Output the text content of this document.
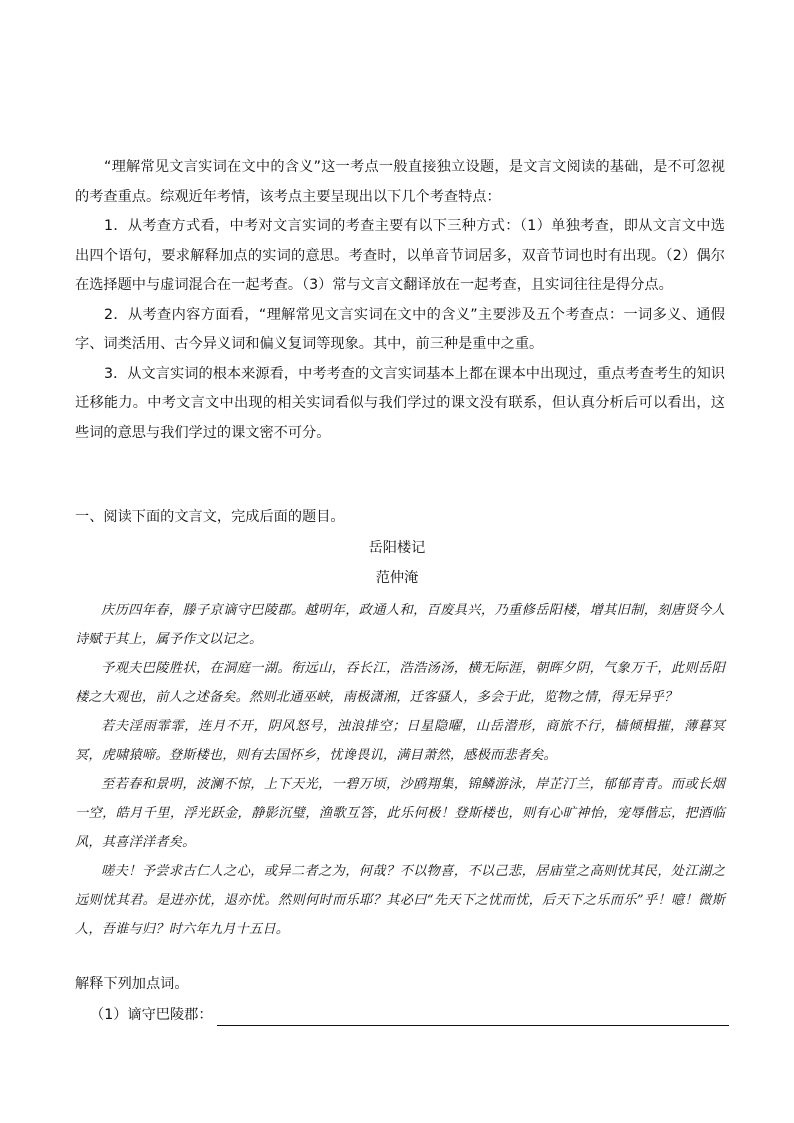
“理解常见文言实词在文中的含义”这一考点一般直接独立设题，是文言文阅读的基础，是不可忽视的考查重点。综观近年考情，该考点主要呈现出以下几个考查特点：

1．从考查方式看，中考对文言实词的考查主要有以下三种方式：（1）单独考查，即从文言文中选出四个语句，要求解释加点的实词的意思。考查时，以单音节词居多，双音节词也时有出现。（2）偶尔在选择题中与虚词混合在一起考查。（3）常与文言文翻译放在一起考查，且实词往往是得分点。

2．从考查内容方面看，“理解常见文言实词在文中的含义”主要涉及五个考查点：一词多义、通假字、词类活用、古今异义词和偏义复词等现象。其中，前三种是重中之重。

3．从文言实词的根本来源看，中考考查的文言实词基本上都在课本中出现过，重点考查考生的知识迁移能力。中考文言文中出现的相关实词看似与我们学过的课文没有联系，但认真分析后可以看出，这些词的意思与我们学过的课文密不可分。

一、阅读下面的文言文，完成后面的题目。

岳阳楼记

范仲淹

庆历四年春，滕子京谪守巴陵郡。越明年，政通人和，百废具兴，乃重修岳阳楼，增其旧制，刻唐贤今人诗赋于其上，属予作文以记之。

予观夫巴陵胜状，在洞庭一湖。衔远山，吞长江，浩浩汤汤，横无际涯，朝晖夕阴，气象万千，此则岳阳楼之大观也，前人之述备矣。然则北通巫峡，南极潇湘，迁客骚人，多会于此，览物之情，得无异乎？

若夫淫雨霏霏，连月不开，阴风怒号，浊浪排空；日星隐曜，山岳潜形，商旅不行，樯倾楫摧，薄暮冥冥，虎啸猿啼。登斯楼也，则有去国怀乡，忧谗畏讥，满目萧然，感极而悲者矣。

至若春和景明，波澜不惊，上下天光，一碧万顷，沙鸥翔集，锦鳞游泳，岸芷汀兰，郁郁青青。而或长烟一空，皓月千里，浮光跃金，静影沉璧，渔歌互答，此乐何极！登斯楼也，则有心旷神怡，宠辱偕忘，把酒临风，其喜洋洋者矣。

嗟夫！予尝求古仁人之心，或异二者之为，何哉？不以物喜，不以己悲，居庙堂之高则忧其民，处江湖之远则忧其君。是进亦忧，退亦忧。然则何时而乐耶？其必曰“先天下之忧而忧，后天下之乐而乐”乎！噫！微斯人，吾谁与归？时六年九月十五日。

解释下列加点词。

（1）谪守巴陵郡：
